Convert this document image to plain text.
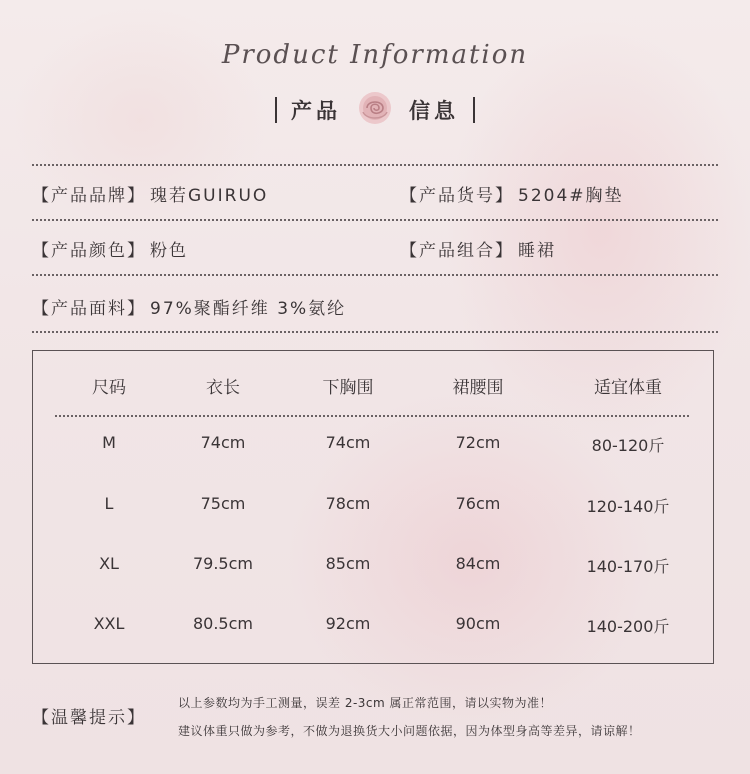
Product Information
产品	信息
【产品品牌】 瑰若GUIRUO	【产品货号】 5204#胸垫
【产品颜色】 粉色	【产品组合】 睡裙
【产品面料】 97%聚酯纤维 3%氨纶
尺码	衣长	下胸围	裙腰围	适宜体重
M	74cm	74cm	72cm	80-120斤
L	75cm	78cm	76cm	120-140斤
XL	79.5cm	85cm	84cm	140-170斤
XXL	80.5cm	92cm	90cm	140-200斤
【温馨提示】
以上参数均为手工测量，误差 2-3cm 属正常范围，请以实物为准！
建议体重只做为参考，不做为退换货大小问题依据，因为体型身高等差异，请谅解！
